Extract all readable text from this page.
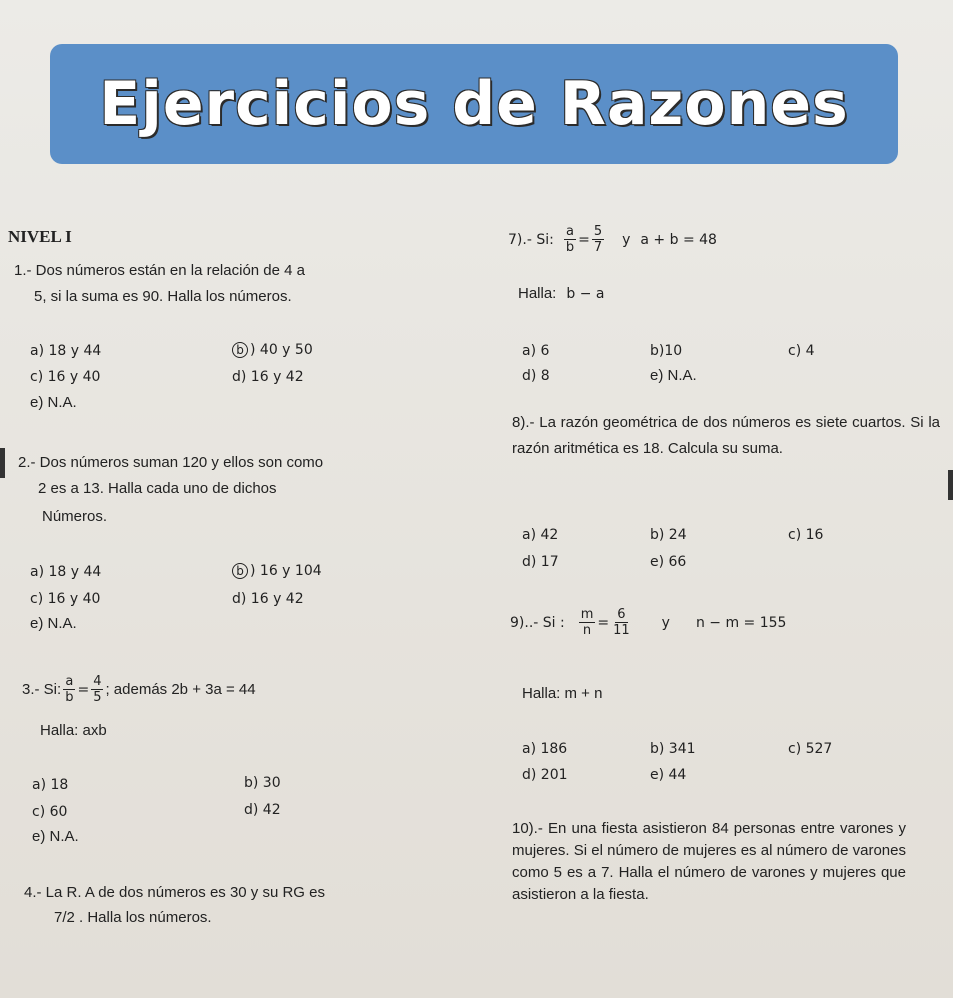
Ejercicios de Razones
NIVEL I
1.- Dos números están en la relación de 4 a
5, si la suma es 90. Halla los números.
a) 18 y 44	b ) 40 y 50
c) 16 y 40	d) 16 y 42
e) N.A.
2.- Dos números suman 120 y ellos son como
2 es a 13. Halla cada uno de dichos
Números.
a) 18 y 44	b ) 16 y 104
c) 16 y 40	d) 16 y 42
e) N.A.
3.- Si: $\frac{a}{b} = \frac{4}{5}$ ; además 2b + 3a = 44
Halla: axb
a) 18	b) 30
c) 60	d) 42
e) N.A.
4.- La R. A de dos números es 30 y su RG es
7/2 . Halla los números.
7).- Si: $\frac{a}{b} = \frac{5}{7}$ y a + b = 48
Halla: b − a
a) 6	b)10	c) 4
d) 8	e) N.A.
8).- La razón geométrica de dos números es siete cuartos. Si la razón aritmética es 18. Calcula su suma.
a) 42	b) 24	c) 16
d) 17	e) 66
9)..- Si : $\frac{m}{n} = \frac{6}{11}$ y n − m = 155
Halla: m + n
a) 186	b) 341	c) 527
d) 201	e) 44
10).- En una fiesta asistieron 84 personas entre varones y mujeres. Si el número de mujeres es al número de varones como 5 es a 7. Halla el número de varones y mujeres que asistieron a la fiesta.
